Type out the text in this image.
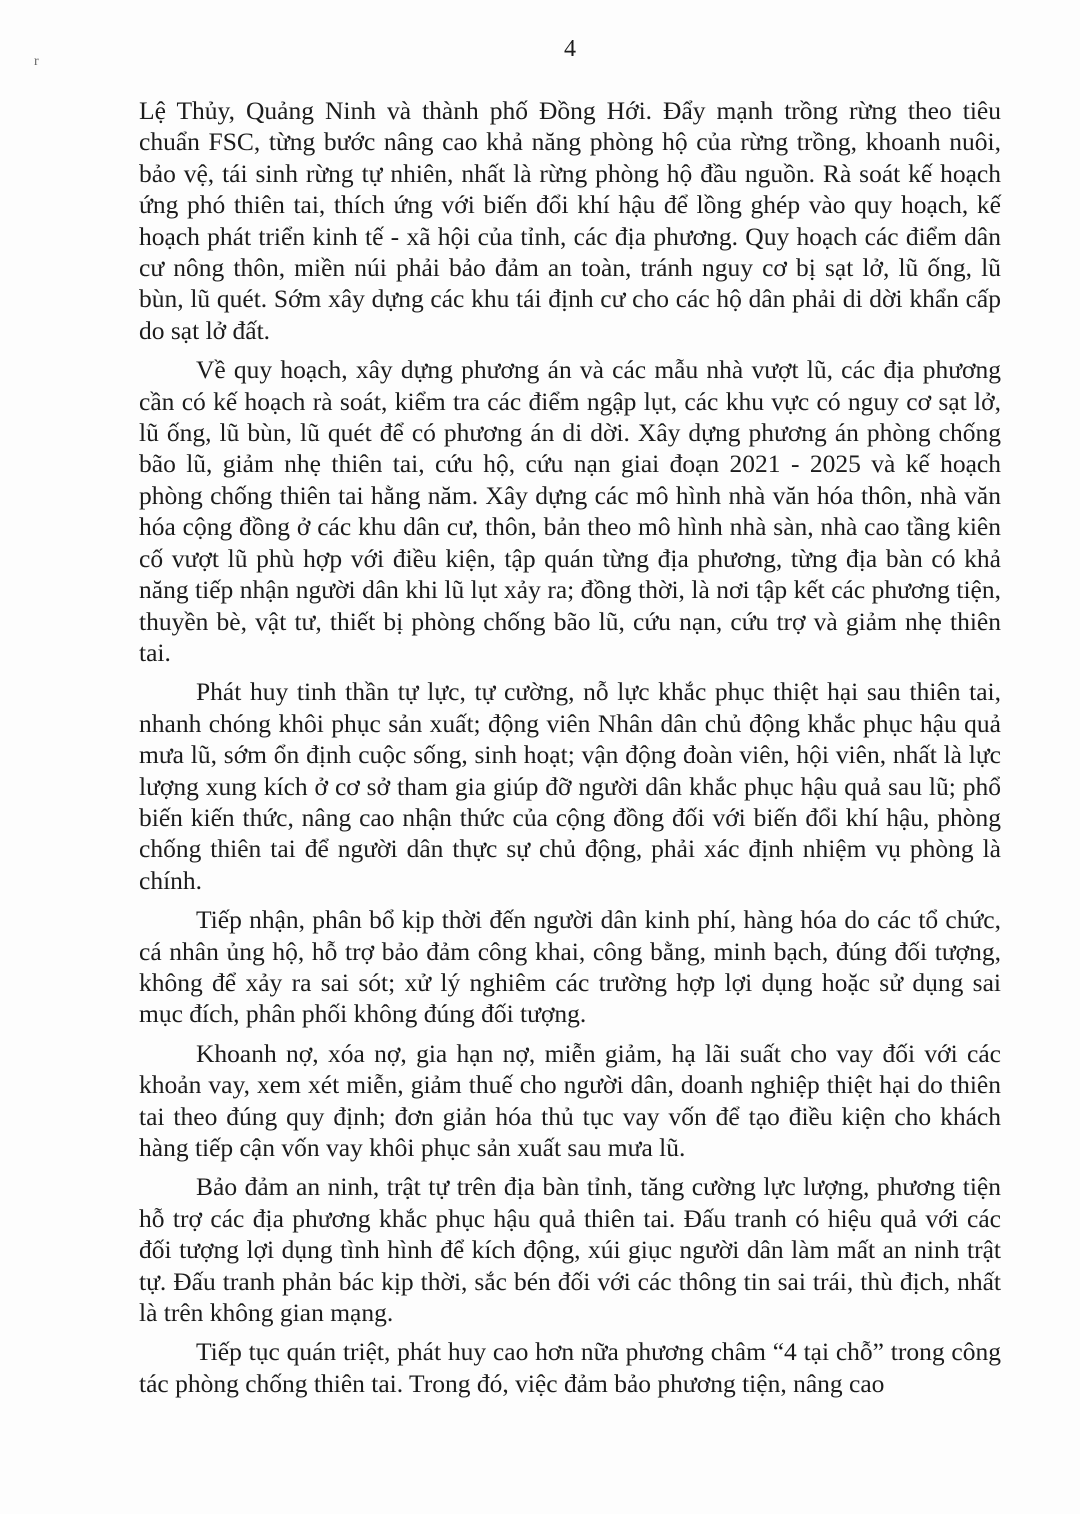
r	4

Lệ Thủy, Quảng Ninh và thành phố Đồng Hới. Đẩy mạnh trồng rừng theo tiêu chuẩn FSC, từng bước nâng cao khả năng phòng hộ của rừng trồng, khoanh nuôi, bảo vệ, tái sinh rừng tự nhiên, nhất là rừng phòng hộ đầu nguồn. Rà soát kế hoạch ứng phó thiên tai, thích ứng với biến đổi khí hậu để lồng ghép vào quy hoạch, kế hoạch phát triển kinh tế - xã hội của tỉnh, các địa phương. Quy hoạch các điểm dân cư nông thôn, miền núi phải bảo đảm an toàn, tránh nguy cơ bị sạt lở, lũ ống, lũ bùn, lũ quét. Sớm xây dựng các khu tái định cư cho các hộ dân phải di dời khẩn cấp do sạt lở đất.

Về quy hoạch, xây dựng phương án và các mẫu nhà vượt lũ, các địa phương cần có kế hoạch rà soát, kiểm tra các điểm ngập lụt, các khu vực có nguy cơ sạt lở, lũ ống, lũ bùn, lũ quét để có phương án di dời. Xây dựng phương án phòng chống bão lũ, giảm nhẹ thiên tai, cứu hộ, cứu nạn giai đoạn 2021 - 2025 và kế hoạch phòng chống thiên tai hằng năm. Xây dựng các mô hình nhà văn hóa thôn, nhà văn hóa cộng đồng ở các khu dân cư, thôn, bản theo mô hình nhà sàn, nhà cao tầng kiên cố vượt lũ phù hợp với điều kiện, tập quán từng địa phương, từng địa bàn có khả năng tiếp nhận người dân khi lũ lụt xảy ra; đồng thời, là nơi tập kết các phương tiện, thuyền bè, vật tư, thiết bị phòng chống bão lũ, cứu nạn, cứu trợ và giảm nhẹ thiên tai.

Phát huy tinh thần tự lực, tự cường, nỗ lực khắc phục thiệt hại sau thiên tai, nhanh chóng khôi phục sản xuất; động viên Nhân dân chủ động khắc phục hậu quả mưa lũ, sớm ổn định cuộc sống, sinh hoạt; vận động đoàn viên, hội viên, nhất là lực lượng xung kích ở cơ sở tham gia giúp đỡ người dân khắc phục hậu quả sau lũ; phổ biến kiến thức, nâng cao nhận thức của cộng đồng đối với biến đổi khí hậu, phòng chống thiên tai để người dân thực sự chủ động, phải xác định nhiệm vụ phòng là chính.

Tiếp nhận, phân bổ kịp thời đến người dân kinh phí, hàng hóa do các tổ chức, cá nhân ủng hộ, hỗ trợ bảo đảm công khai, công bằng, minh bạch, đúng đối tượng, không để xảy ra sai sót; xử lý nghiêm các trường hợp lợi dụng hoặc sử dụng sai mục đích, phân phối không đúng đối tượng.

Khoanh nợ, xóa nợ, gia hạn nợ, miễn giảm, hạ lãi suất cho vay đối với các khoản vay, xem xét miễn, giảm thuế cho người dân, doanh nghiệp thiệt hại do thiên tai theo đúng quy định; đơn giản hóa thủ tục vay vốn để tạo điều kiện cho khách hàng tiếp cận vốn vay khôi phục sản xuất sau mưa lũ.

Bảo đảm an ninh, trật tự trên địa bàn tỉnh, tăng cường lực lượng, phương tiện hỗ trợ các địa phương khắc phục hậu quả thiên tai. Đấu tranh có hiệu quả với các đối tượng lợi dụng tình hình để kích động, xúi giục người dân làm mất an ninh trật tự. Đấu tranh phản bác kịp thời, sắc bén đối với các thông tin sai trái, thù địch, nhất là trên không gian mạng.

Tiếp tục quán triệt, phát huy cao hơn nữa phương châm “4 tại chỗ” trong công tác phòng chống thiên tai. Trong đó, việc đảm bảo phương tiện, nâng cao
